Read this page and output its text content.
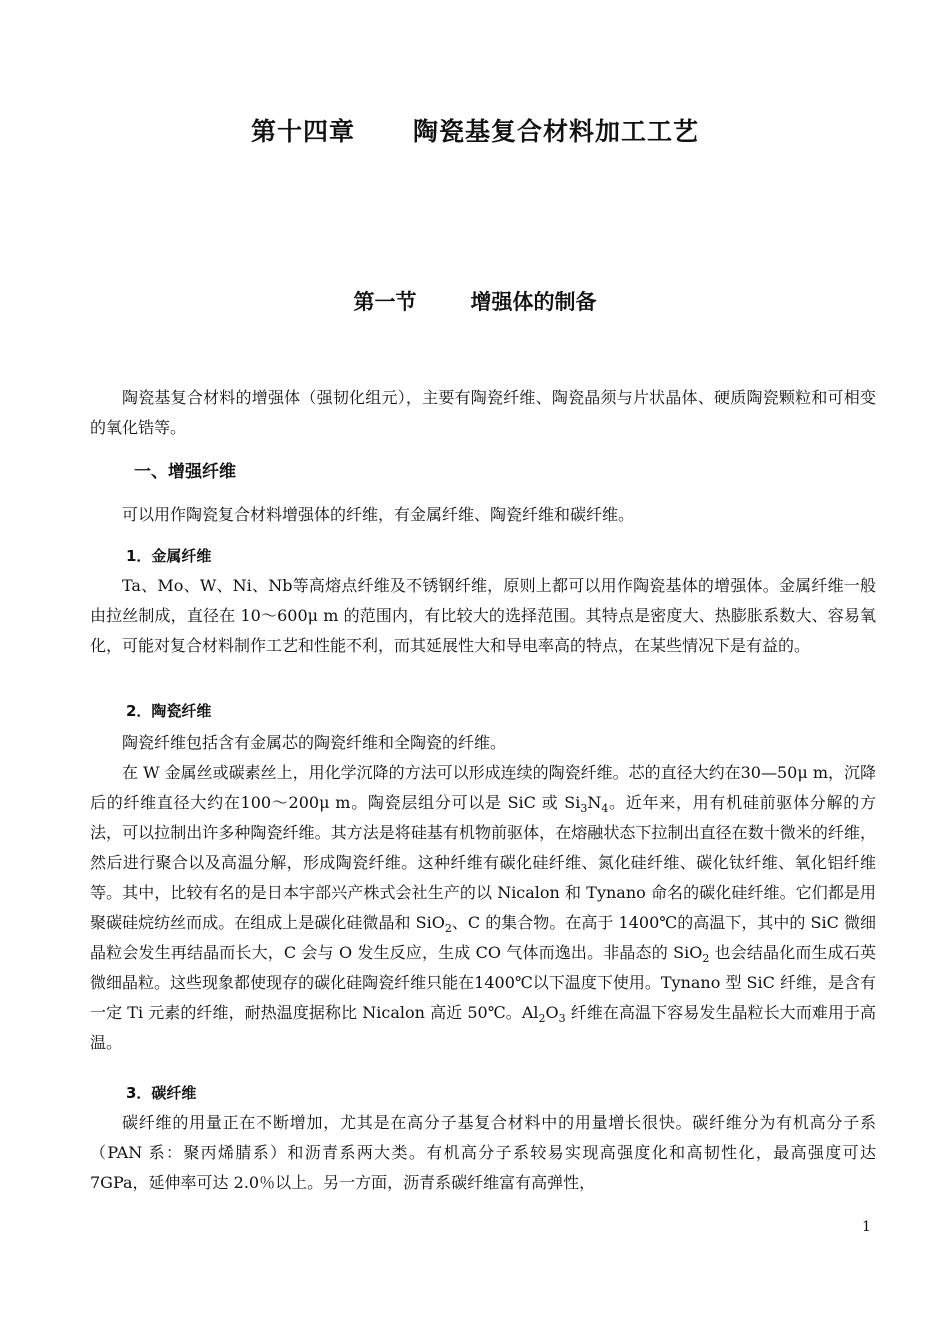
第十四章 陶瓷基复合材料加工工艺
第一节	增强体的制备

陶瓷基复合材料的增强体（强韧化组元），主要有陶瓷纤维、陶瓷晶须与片状晶体、硬质陶瓷颗粒和可相变的氧化锆等。

一、增强纤维

可以用作陶瓷复合材料增强体的纤维，有金属纤维、陶瓷纤维和碳纤维。

1．金属纤维

Ta、Mo、W、Ni、Nb等高熔点纤维及不锈钢纤维，原则上都可以用作陶瓷基体的增强体。金属纤维一般由拉丝制成，直径在 10～600μ m 的范围内，有比较大的选择范围。其特点是密度大、热膨胀系数大、容易氧化，可能对复合材料制作工艺和性能不利，而其延展性大和导电率高的特点，在某些情况下是有益的。

2．陶瓷纤维

陶瓷纤维包括含有金属芯的陶瓷纤维和全陶瓷的纤维。

在 W 金属丝或碳素丝上，用化学沉降的方法可以形成连续的陶瓷纤维。芯的直径大约在30—50μ m，沉降后的纤维直径大约在100～200μ m。陶瓷层组分可以是 SiC 或 $Si_3N_4$。近年来，用有机硅前驱体分解的方法，可以拉制出许多种陶瓷纤维。其方法是将硅基有机物前驱体，在熔融状态下拉制出直径在数十微米的纤维，然后进行聚合以及高温分解，形成陶瓷纤维。这种纤维有碳化硅纤维、氮化硅纤维、碳化钛纤维、氧化铝纤维等。其中，比较有名的是日本宇部兴产株式会社生产的以 Nicalon 和 Tynano 命名的碳化硅纤维。它们都是用聚碳硅烷纺丝而成。在组成上是碳化硅微晶和 SiO$_2$、C 的集合物。在高于 1400℃的高温下，其中的 SiC 微细晶粒会发生再结晶而长大，C 会与 O 发生反应，生成 CO 气体而逸出。非晶态的 SiO$_2$ 也会结晶化而生成石英微细晶粒。这些现象都使现存的碳化硅陶瓷纤维只能在1400℃以下温度下使用。Tynano 型 SiC 纤维，是含有一定 Ti 元素的纤维，耐热温度据称比 Nicalon 高近 50℃。$Al_2O_3$ 纤维在高温下容易发生晶粒长大而难用于高温。

3．碳纤维

碳纤维的用量正在不断增加，尤其是在高分子基复合材料中的用量增长很快。碳纤维分为有机高分子系（PAN 系：聚丙烯腈系）和沥青系两大类。有机高分子系较易实现高强度化和高韧性化，最高强度可达 7GPa，延伸率可达 2.0％以上。另一方面，沥青系碳纤维富有高弹性，

1
